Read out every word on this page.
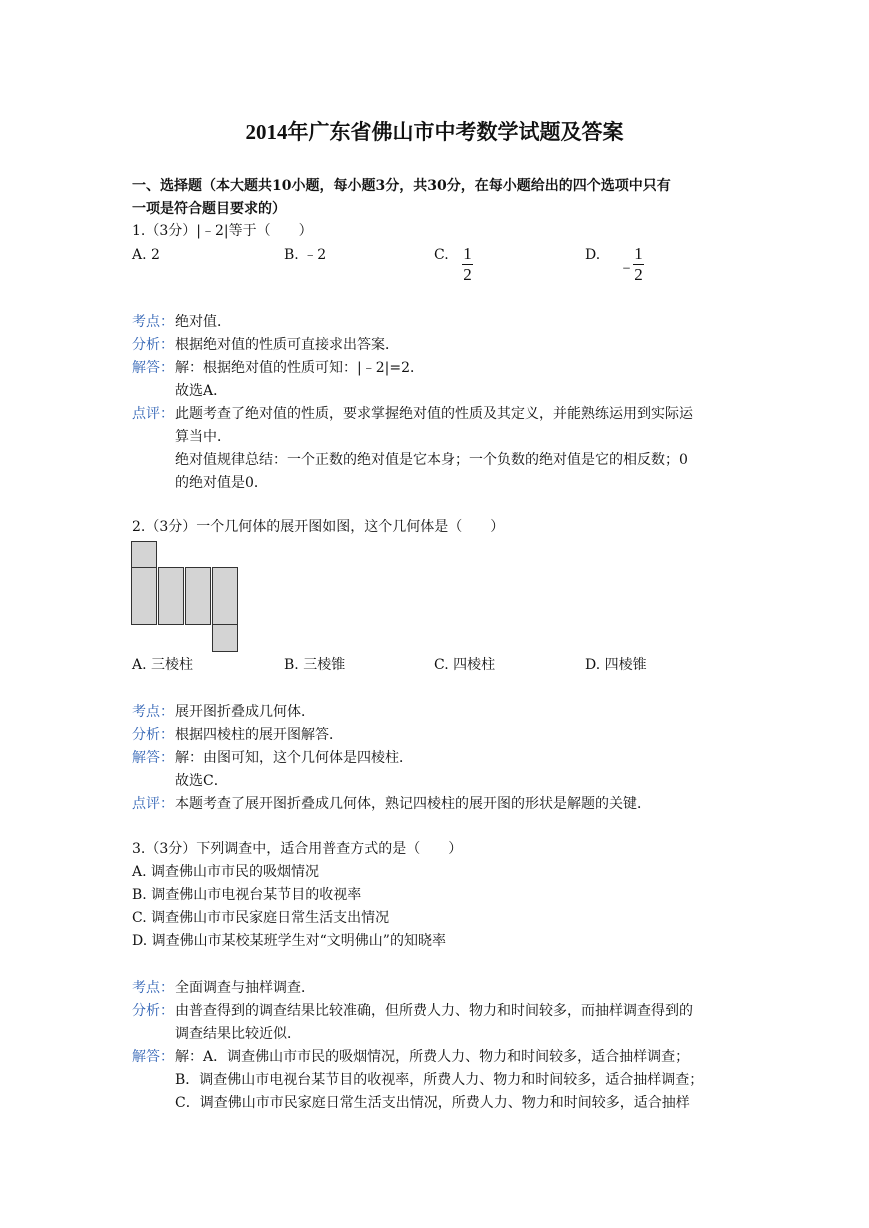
2014年广东省佛山市中考数学试题及答案
一、选择题（本大题共10小题，每小题3分，共30分，在每小题给出的四个选项中只有
一项是符合题目要求的）
1.（3分）|﹣2|等于（　　）
A. 2	B. ﹣2	C. 1
2
D.
﹣
1
2
考点： 绝对值．
分析： 根据绝对值的性质可直接求出答案．
解答： 解：根据绝对值的性质可知：|﹣2|=2．
故选A．
点评： 此题考查了绝对值的性质，要求掌握绝对值的性质及其定义，并能熟练运用到实际运
算当中．
绝对值规律总结：一个正数的绝对值是它本身；一个负数的绝对值是它的相反数；0
的绝对值是0．
2.（3分）一个几何体的展开图如图，这个几何体是（　　）
A. 三棱柱	B. 三棱锥	C. 四棱柱	D. 四棱锥
考点： 展开图折叠成几何体．
分析： 根据四棱柱的展开图解答．
解答： 解：由图可知，这个几何体是四棱柱．
故选C．
点评： 本题考查了展开图折叠成几何体，熟记四棱柱的展开图的形状是解题的关键．
3.（3分）下列调查中，适合用普查方式的是（　　）
A. 调查佛山市市民的吸烟情况
B. 调查佛山市电视台某节目的收视率
C. 调查佛山市市民家庭日常生活支出情况
D. 调查佛山市某校某班学生对“文明佛山”的知晓率
考点： 全面调查与抽样调查．
分析： 由普查得到的调查结果比较准确，但所费人力、物力和时间较多，而抽样调查得到的
调查结果比较近似．
解答： 解：A．调查佛山市市民的吸烟情况，所费人力、物力和时间较多，适合抽样调查；
B．调查佛山市电视台某节目的收视率，所费人力、物力和时间较多，适合抽样调查；
C．调查佛山市市民家庭日常生活支出情况，所费人力、物力和时间较多，适合抽样
